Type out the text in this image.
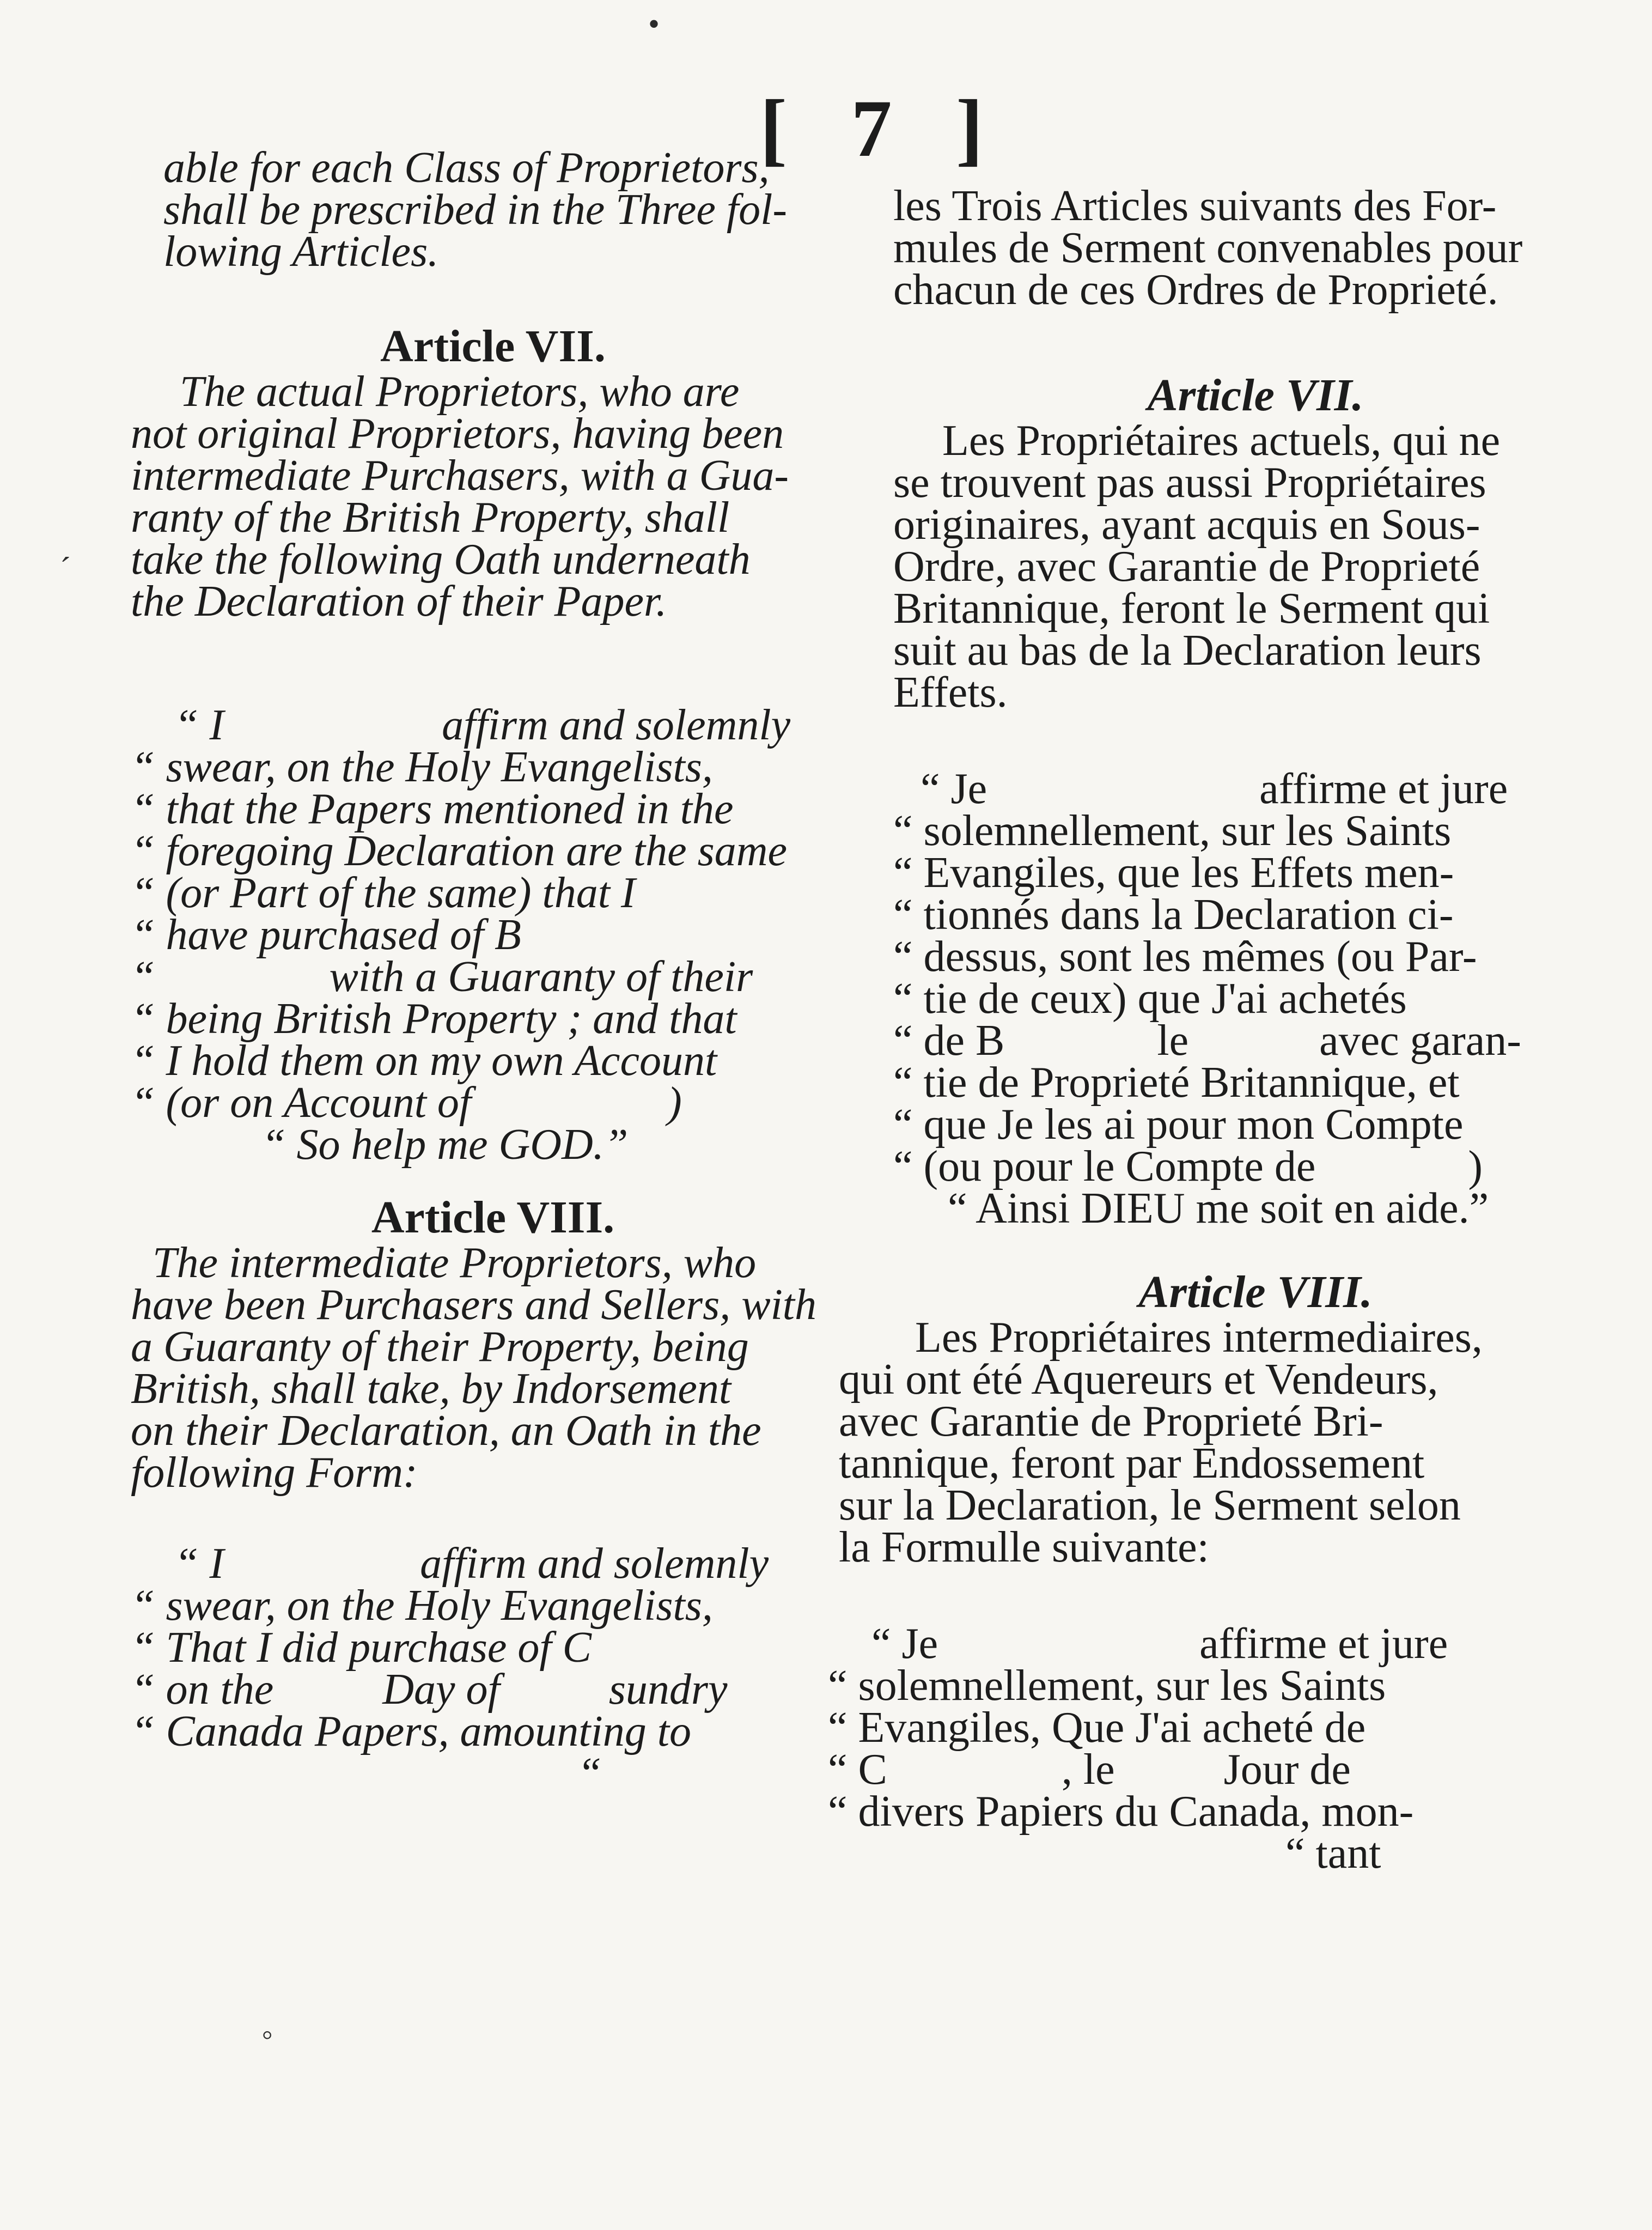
•
[ 7 ]

able for each Class of Proprietors,
shall be prescribed in the Three fol-
lowing Articles.

Article VII.

The actual Proprietors, who are
not original Proprietors, having been
intermediate Purchasers, with a Gua-
ranty of the British Property, shall
take the following Oath underneath
the Declaration of their Paper.

“ I                    affirm and solemnly
“ swear, on the Holy Evangelists,
“ that the Papers mentioned in the
“ foregoing Declaration are the same
“ (or Part of the same) that I
“ have purchased of B
“                with a Guaranty of their
“ being British Property ; and that
“ I hold them on my own Account
“ (or on Account of                  )
“ So help me GOD.”
Article VIII.

The intermediate Proprietors, who
have been Purchasers and Sellers, with
a Guaranty of their Property, being
British, shall take, by Indorsement
on their Declaration, an Oath in the
following Form:

“ I                  affirm and solemnly
“ swear, on the Holy Evangelists,
“ That I did purchase of C
“ on the          Day of          sundry
“ Canada Papers, amounting to
“

les Trois Articles suivants des For-
mules de Serment convenables pour
chacun de ces Ordres de Proprieté.

Article VII.

Les Propriétaires actuels, qui ne
se trouvent pas aussi Propriétaires
originaires, ayant acquis en Sous-
Ordre, avec Garantie de Proprieté
Britannique, feront le Serment qui
suit au bas de la Declaration leurs
Effets.

“ Je                         affirme et jure
“ solemnellement, sur les Saints
“ Evangiles, que les Effets men-
“ tionnés dans la Declaration ci-
“ dessus, sont les mêmes (ou Par-
“ tie de ceux) que J'ai achetés
“ de B              le            avec garan-
“ tie de Proprieté Britannique, et
“ que Je les ai pour mon Compte
“ (ou pour le Compte de              )
“ Ainsi DIEU me soit en aide.”
Article VIII.

Les Propriétaires intermediaires,
qui ont été Aquereurs et Vendeurs,
avec Garantie de Proprieté Bri-
tannique, feront par Endossement
sur la Declaration, le Serment selon
la Formulle suivante:

“ Je                        affirme et jure
“ solemnellement, sur les Saints
“ Evangiles, Que J'ai acheté de
“ C                , le          Jour de
“ divers Papiers du Canada, mon-
“ tant
´
◦
